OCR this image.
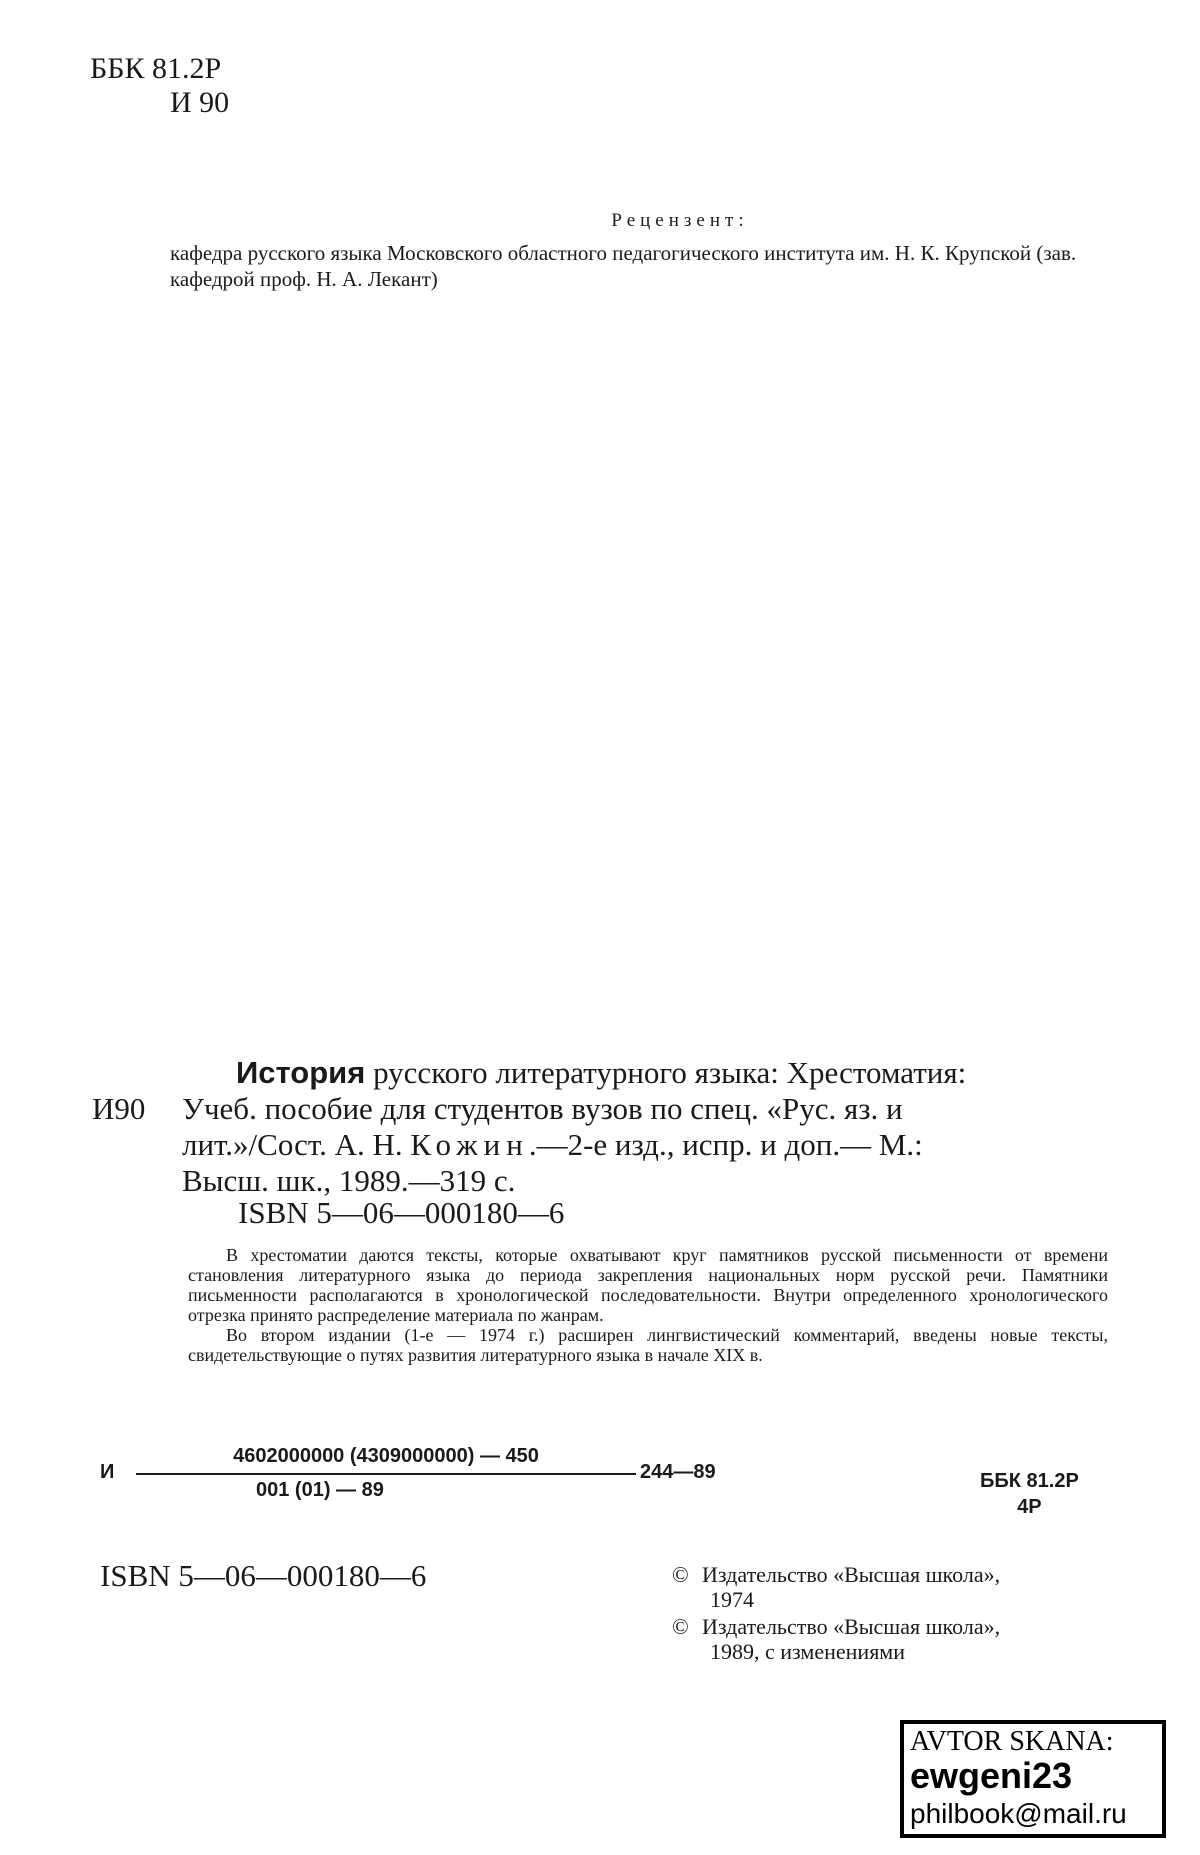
ББК 81.2Р
И 90
Рецензент:
кафедра русского языка Московского областного педагогического института им. Н. К. Крупской (зав. кафедрой проф. Н. А. Лекант)
История русского литературного языка: Хрестоматия:
И90 Учеб. пособие для студентов вузов по спец. «Рус. яз. и
лит.»/Сост. А. Н. Кожин.—2-е изд., испр. и доп.— М.:
Высш. шк., 1989.—319 с.
ISBN 5—06—000180—6

В хрестоматии даются тексты, которые охватывают круг памятников русской письменности от времени становления литературного языка до периода закрепления национальных норм русской речи. Памятники письменности располагаются в хронологической последовательности. Внутри определенного хронологического отрезка принято распределение материала по жанрам.

Во втором издании (1-е — 1974 г.) расширен лингвистический комментарий, введены новые тексты, свидетельствующие о путях развития литературного языка в начале XIX в.

И $\frac{4602000000 (4309000000) — 450}{001 (01) — 89}$ 244—89	ББК 81.2Р
4Р
ISBN 5—06—000180—6	© Издательство «Высшая школа»,
1974
© Издательство «Высшая школа»,
1989, с изменениями
AVTOR SKANA:
ewgeni23
philbook@mail.ru
